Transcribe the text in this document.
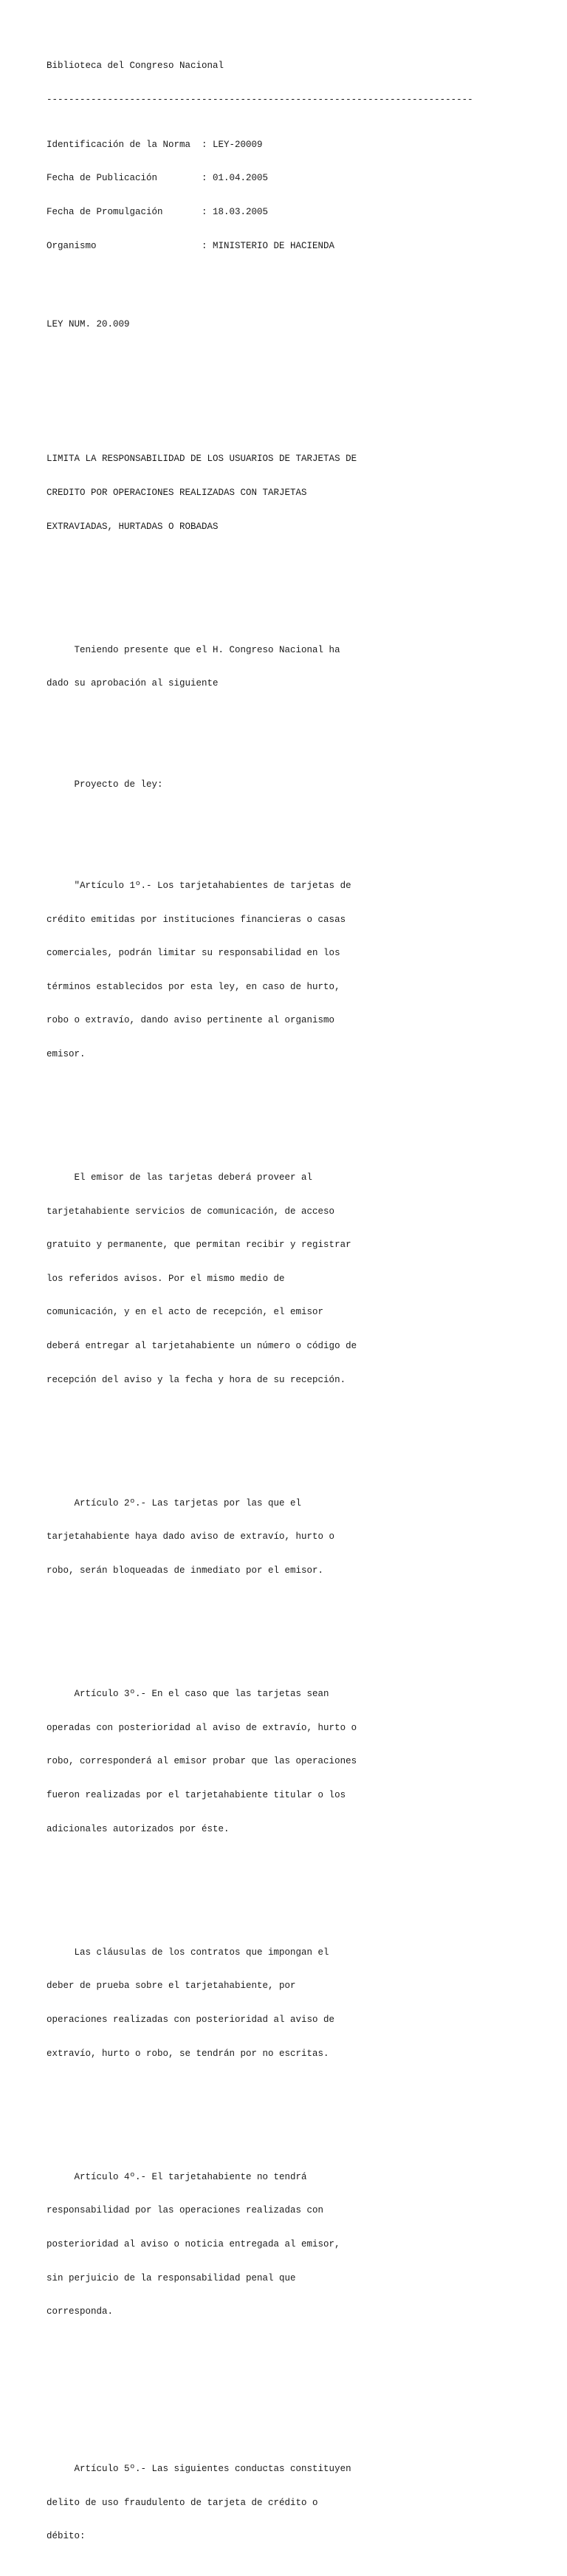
Biblioteca del Congreso Nacional

-----------------------------------------------------------------------------

Identificación de la Norma : LEY-20009

Fecha de Publicación	: 01.04.2005

Fecha de Promulgación	: 18.03.2005

Organismo	: MINISTERIO DE HACIENDA

LEY NUM. 20.009

LIMITA LA RESPONSABILIDAD DE LOS USUARIOS DE TARJETAS DE

CREDITO POR OPERACIONES REALIZADAS CON TARJETAS

EXTRAVIADAS, HURTADAS O ROBADAS

Teniendo presente que el H. Congreso Nacional ha

dado su aprobación al siguiente

Proyecto de ley:

"Artículo 1º.- Los tarjetahabientes de tarjetas de

crédito emitidas por instituciones financieras o casas

comerciales, podrán limitar su responsabilidad en los

términos establecidos por esta ley, en caso de hurto,

robo o extravío, dando aviso pertinente al organismo

emisor.

El emisor de las tarjetas deberá proveer al

tarjetahabiente servicios de comunicación, de acceso

gratuito y permanente, que permitan recibir y registrar

los referidos avisos. Por el mismo medio de

comunicación, y en el acto de recepción, el emisor

deberá entregar al tarjetahabiente un número o código de

recepción del aviso y la fecha y hora de su recepción.

Artículo 2º.- Las tarjetas por las que el

tarjetahabiente haya dado aviso de extravío, hurto o

robo, serán bloqueadas de inmediato por el emisor.

Artículo 3º.- En el caso que las tarjetas sean

operadas con posterioridad al aviso de extravío, hurto o

robo, corresponderá al emisor probar que las operaciones

fueron realizadas por el tarjetahabiente titular o los

adicionales autorizados por éste.

Las cláusulas de los contratos que impongan el

deber de prueba sobre el tarjetahabiente, por

operaciones realizadas con posterioridad al aviso de

extravío, hurto o robo, se tendrán por no escritas.

Artículo 4º.- El tarjetahabiente no tendrá

responsabilidad por las operaciones realizadas con

posterioridad al aviso o noticia entregada al emisor,

sin perjuicio de la responsabilidad penal que

corresponda.

Artículo 5º.- Las siguientes conductas constituyen

delito de uso fraudulento de tarjeta de crédito o

débito:
